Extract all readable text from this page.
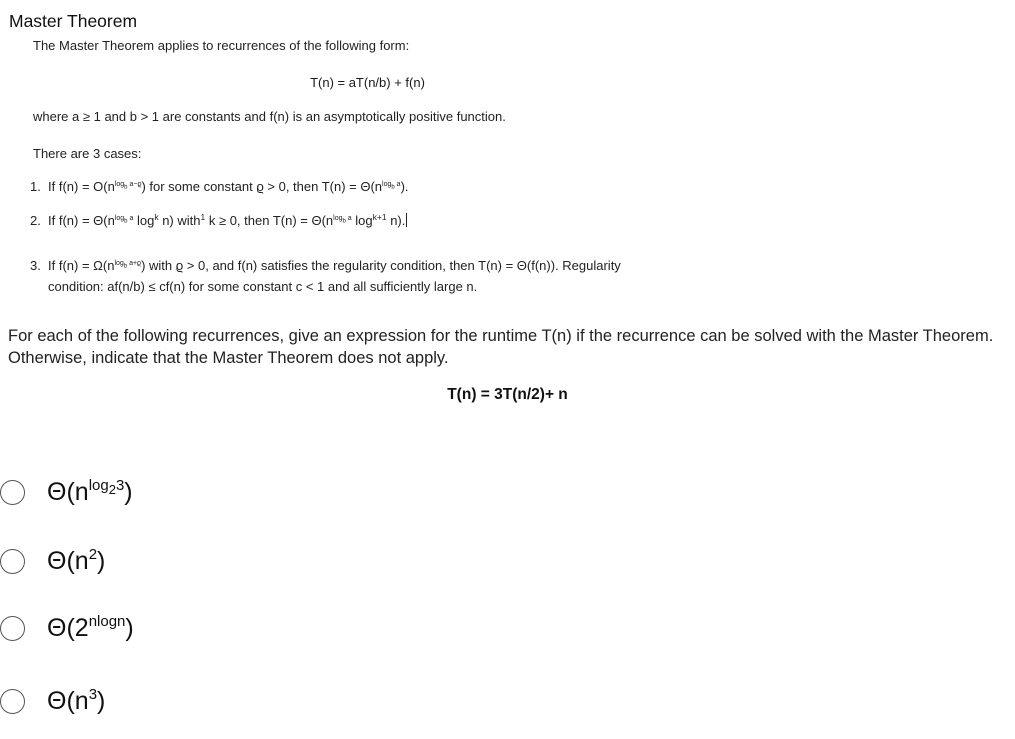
Master Theorem
The Master Theorem applies to recurrences of the following form:
T(n) = aT(n/b) + f(n)
where a ≥ 1 and b > 1 are constants and f(n) is an asymptotically positive function.
There are 3 cases:
1. If $f(n) = O(n^{log_b a-ϱ})$ for some constant ϱ > 0, then $T(n) = \Theta(n^{log_b a})$.
2. If $f(n) = \Theta(n^{log_b a}$ $\log^k n$) with$^1$ k ≥ 0, then $T(n) = \Theta(n^{log_b a}$ $\log^{k+1} n$).
3. If $f(n) = \Omega(n^{log_b a+ϱ})$ with ϱ > 0, and f(n) satisfies the regularity condition, then T(n) = Θ(f(n)). Regularity
condition: af(n/b) ≤ cf(n) for some constant c < 1 and all sufficiently large n.
For each of the following recurrences, give an expression for the runtime T(n) if the recurrence can be solved with the Master Theorem. Otherwise, indicate that the Master Theorem does not apply.
T(n) = 3T(n/2)+ n
$\Theta(n^{log_23})$
$\Theta(n^2)$
$\Theta(2^{nlogn})$
$\Theta(n^3)$
